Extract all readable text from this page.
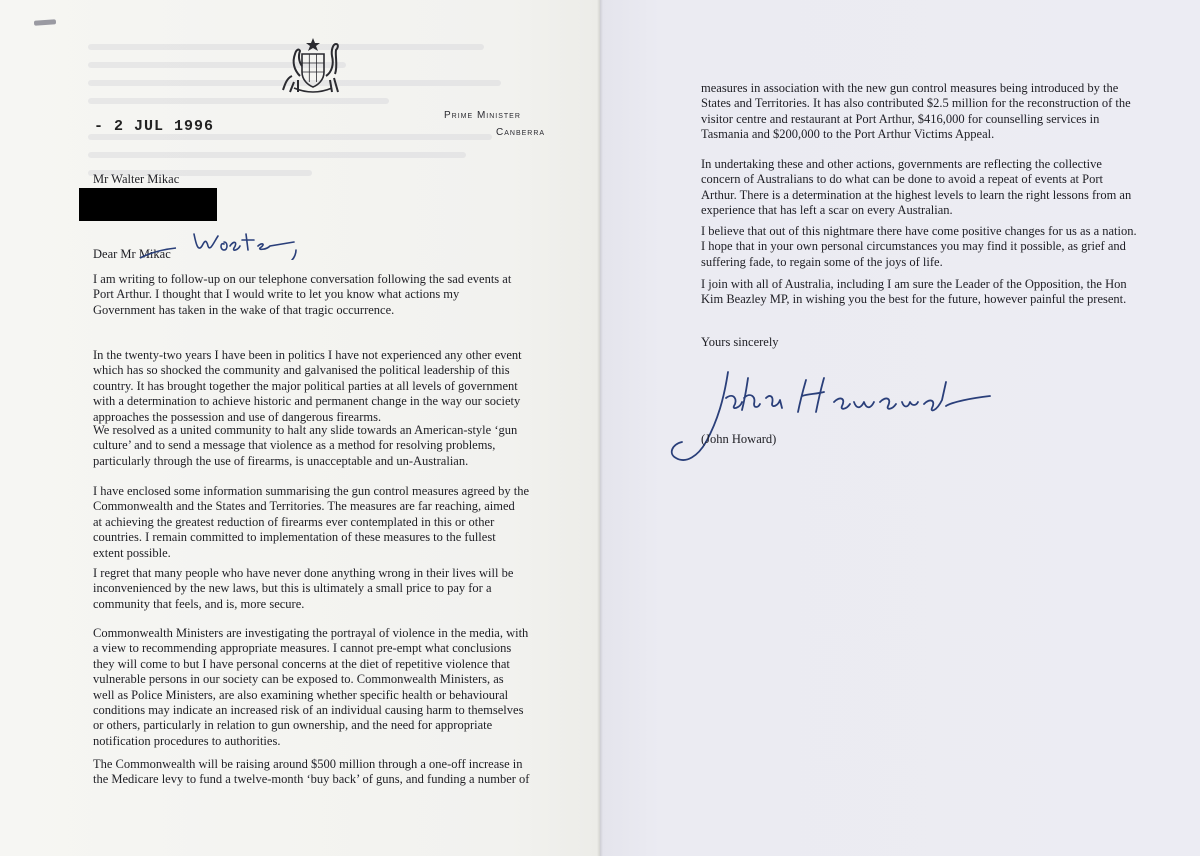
Prime Minister
Canberra
- 2 JUL 1996
Mr Walter Mikac
Dear Mr Mikac
I am writing to follow-up on our telephone conversation following the sad events at
Port Arthur. I thought that I would write to let you know what actions my
Government has taken in the wake of that tragic occurrence.
In the twenty-two years I have been in politics I have not experienced any other event
which has so shocked the community and galvanised the political leadership of this
country. It has brought together the major political parties at all levels of government
with a determination to achieve historic and permanent change in the way our society
approaches the possession and use of dangerous firearms.
We resolved as a united community to halt any slide towards an American-style ‘gun
culture’ and to send a message that violence as a method for resolving problems,
particularly through the use of firearms, is unacceptable and un-Australian.
I have enclosed some information summarising the gun control measures agreed by the
Commonwealth and the States and Territories. The measures are far reaching, aimed
at achieving the greatest reduction of firearms ever contemplated in this or other
countries. I remain committed to implementation of these measures to the fullest
extent possible.
I regret that many people who have never done anything wrong in their lives will be
inconvenienced by the new laws, but this is ultimately a small price to pay for a
community that feels, and is, more secure.
Commonwealth Ministers are investigating the portrayal of violence in the media, with
a view to recommending appropriate measures. I cannot pre-empt what conclusions
they will come to but I have personal concerns at the diet of repetitive violence that
vulnerable persons in our society can be exposed to. Commonwealth Ministers, as
well as Police Ministers, are also examining whether specific health or behavioural
conditions may indicate an increased risk of an individual causing harm to themselves
or others, particularly in relation to gun ownership, and the need for appropriate
notification procedures to authorities.
The Commonwealth will be raising around $500 million through a one-off increase in
the Medicare levy to fund a twelve-month ‘buy back’ of guns, and funding a number of
measures in association with the new gun control measures being introduced by the
States and Territories. It has also contributed $2.5 million for the reconstruction of the
visitor centre and restaurant at Port Arthur, $416,000 for counselling services in
Tasmania and $200,000 to the Port Arthur Victims Appeal.
In undertaking these and other actions, governments are reflecting the collective
concern of Australians to do what can be done to avoid a repeat of events at Port
Arthur. There is a determination at the highest levels to learn the right lessons from an
experience that has left a scar on every Australian.
I believe that out of this nightmare there have come positive changes for us as a nation.
I hope that in your own personal circumstances you may find it possible, as grief and
suffering fade, to regain some of the joys of life.
I join with all of Australia, including I am sure the Leader of the Opposition, the Hon
Kim Beazley MP, in wishing you the best for the future, however painful the present.
Yours sincerely
(John Howard)
